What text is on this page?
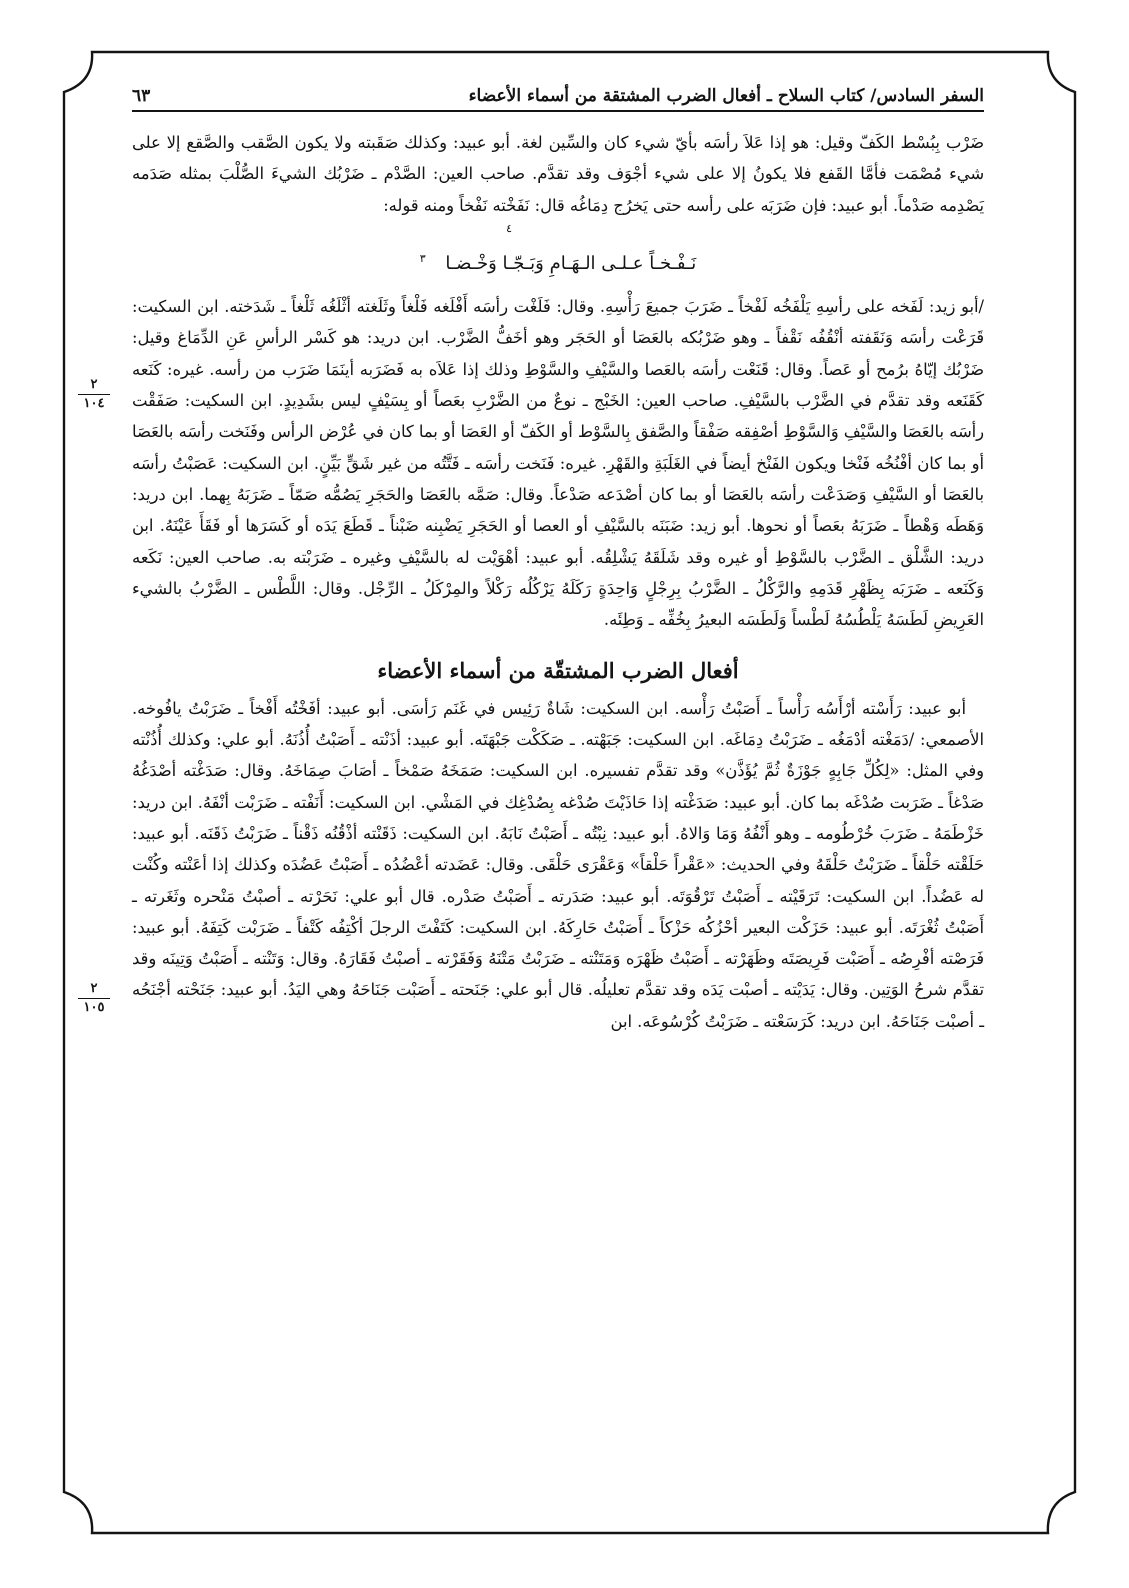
السفر السادس/ كتاب السلاح ـ أفعال الضرب المشتقة من أسماء الأعضاء
٦٣

ضَرْب بِبُسْط الكَفّ وقيل: هو إذا عَلاَ رأسَه بأيّ شيء كان والسِّين لغة. أبو عبيد: وكذلك صَقَبته ولا يكون الصَّقب والصَّقع إلا على شيء مُصْمَت فأمَّا القَفع فلا يكونُ إلا على شيء أجْوَف وقد تقدَّم. صاحب العين: الصَّدْم ـ ضَرْبُك الشيءَ الصُّلْبَ بمثله صَدَمه يَصْدِمه صَدْماً. أبو عبيد: فإن ضَرَبَه على رأسه حتى يَخرُج دِمَاغُه قال: نَفَخْته نَفْخاً ومنه قوله:

٤
نَـفْـخـاً عـلـى الـهَـامِ وَبَـجّـا وَخْـضـا $^٣$

/أبو زيد: لَفَخه على رأسِهِ يَلْفَخُه لَفْخاً ـ ضَرَبَ جميعَ رَأْسِهِ. وقال: فَلَغْت رأسَه أَفْلَغه فَلْغاً وثَلَغته أثْلَغُه ثَلْغاً ـ شَدَخته. ابن السكيت: قَرَعْت رأسَه وَنَقَفته أنْقُفُه نَقْفاً ـ وهو ضَرْبُكه بالعَصَا أو الحَجَر وهو أخَفُّ الضَّرْب. ابن دريد: هو كَسْر الرأسِ عَنِ الدِّمَاغ وقيل: ضَرْبُك إيّاهُ برُمح أو عَصاً. وقال: قَنَعْت رأسَه بالعَصا والسَّيْفِ والسَّوْطِ وذلك إذا عَلاَه به فَضَرَبه أينَمَا ضَرَب من رأسه. غيره: كَنَعه كَقَنَعه وقد تقدَّم في الضَّرْب بالسَّيْفِ. صاحب العين: الخَبْج ـ نوعٌ من الضَّرْبِ بعَصاً أو بِسَيْفٍ ليس بشَدِيدٍ. ابن السكيت: صَفَقْت رأسَه بالعَصَا والسَّيْفِ وَالسَّوْطِ أصْفِقه صَفْقاً والصَّفق بِالسَّوْط أو الكَفّ أو العَصَا أو بما كان في عُرْض الرأس وفَنَخت رأسَه بالعَصَا أو بما كان أفْنُخُه فَنْخا ويكون الفَنْخ أيضاً في الغَلَبَةِ والقَهْرِ. غيره: فَنَخت رأسَه ـ فَتَّتُه من غير شَقٍّ بَيِّنٍ. ابن السكيت: عَصَبْتُ رأسَه بالعَصَا أو السَّيْفِ وَصَدَعْت رأسَه بالعَصَا أو بما كان أصْدَعه صَدْعاً. وقال: صَمَّه بالعَصَا والحَجَرِ يَصُمُّه صَمّاً ـ ضَرَبَهُ بِهما. ابن دريد: وَهَطَه وَهْطاً ـ ضَرَبَهُ بعَصاً أو نحوها. أبو زيد: ضَبَنَه بالسَّيْفِ أو العصا أو الحَجَرِ يَضْبِنه ضَبْناً ـ قَطَعَ يَدَه أو كَسَرَها أو فَقَأَ عَيْنَهُ. ابن دريد: الشَّلْق ـ الضَّرْب بالسَّوْطِ أو غيره وقد شَلَقَهُ يَشْلِقُه. أبو عبيد: أهْوَيْت له بالسَّيْفِ وغيره ـ ضَرَبْته به. صاحب العين: نَكَعه وَكَنَعه ـ ضَرَبَه بِظَهْرِ قَدَمِهِ والرَّكْلُ ـ الضَّرْبُ بِرِجْلٍ وَاحِدَةٍ رَكَلَهُ يَرْكُلُه رَكْلاً والمِرْكَلُ ـ الرِّجْل. وقال: اللَّطْس ـ الضَّرْبُ بالشيء العَرِيضِ لَطَسَهُ يَلْطُسُهُ لَطْساً وَلَطَسَه البعيرُ بِخُفِّه ـ وَطِئَه.

أفعال الضرب المشتقّة من أسماء الأعضاء

أبو عبيد: رَأَسْته أرْأَسُه رَأْساً ـ أَصَبْتُ رَأْسه. ابن السكيت: شَاةٌ رَئِيس في غَنَم رَأسَى. أبو عبيد: أفَخْتُه أَفْخاً ـ ضَرَبْتُ يافُوخه. الأصمعي: /دَمَغْته أدْمَغُه ـ ضَرَبْتُ دِمَاغَه. ابن السكيت: جَبَهْته. ـ صَكَكْت جَبْهَتَه. أبو عبيد: أذَنْته ـ أَصَبْتُ أُذُنَهُ. أبو علي: وكذلك أُذُنْته وفي المثل: «لِكُلِّ جَابِهٍ جَوْزَةٌ ثُمَّ يُؤَذَّن» وقد تقدَّم تفسيره. ابن السكيت: صَمَخَهُ صَمْخاً ـ أصَابَ صِمَاخَهُ. وقال: صَدَغْته أصْدَغُهُ صَدْغاً ـ ضَرَبت صُدْغَه بما كان. أبو عبيد: صَدَغْته إذا حَاذَيْتَ صُدْغه بِصُدْغِك في المَشْي. ابن السكيت: أَنَفْته ـ ضَرَبْت أنْفَهُ. ابن دريد: خَزْطَمَهُ ـ ضَرَبَ خُرْطُومه ـ وهو أَنْفُهُ وَمَا وَالاهُ. أبو عبيد: نِبْتُه ـ أَصَبْتُ نَابَهُ. ابن السكيت: ذَقَنْته أذْقُنُه ذَقْناً ـ ضَرَبْتُ ذَقَنَه. أبو عبيد: حَلَقْته حَلْقاً ـ ضَرَبْتُ حَلْقَهُ وفي الحديث: «عَقْراً حَلْقاً» وَعَقْرَى حَلْقَى. وقال: عَضَدته أعْضُدُه ـ أَصَبْتُ عَضُدَه وكذلك إذا أعَنْته وكُنْت له عَضُداً. ابن السكيت: تَرَقَيْته ـ أَصَبْتُ تَرْقُوَتَه. أبو عبيد: صَدَرته ـ أَصَبْتُ صَدْره. قال أبو علي: نَحَرْته ـ أصبْتُ مَنْحره وثَغَرته ـ أَصَبْتُ ثُغْرَتَه. أبو عبيد: حَزَكْت البعير أحْزُكُه حَزْكاً ـ أَصَبْتُ حَارِكَهُ. ابن السكيت: كَتَفْتَ الرجلَ أكْتِفُه كَتْفاً ـ ضَرَبْت كَتِفَهُ. أبو عبيد: فَرَصْته أفْرِصُه ـ أَصَبْت فَرِيصَتَه وظَهَرْته ـ أَصَبْتُ ظَهْرَه وَمَتَنْته ـ ضَرَبْتُ مَتْنَهُ وَفَقَرْته ـ أصبْتُ فَقَارَهُ. وقال: وَتَنْته ـ أَصَبْتُ وَتِينَه وقد تقدَّم شرحُ الوَتِين. وقال: يَدَيْته ـ أصبْت يَدَه وقد تقدَّم تعليلُه. قال أبو علي: جَنَحته ـ أَصَبْت جَنَاحَهُ وهي اليَدُ. أبو عبيد: جَنَحْته أجْنَحُه ـ أصبْت جَنَاحَهُ. ابن دريد: كَرَسَعْته ـ ضَرَبْتُ كُرْسُوعَه. ابن

٢
١٠٤
٢
١٠٥
